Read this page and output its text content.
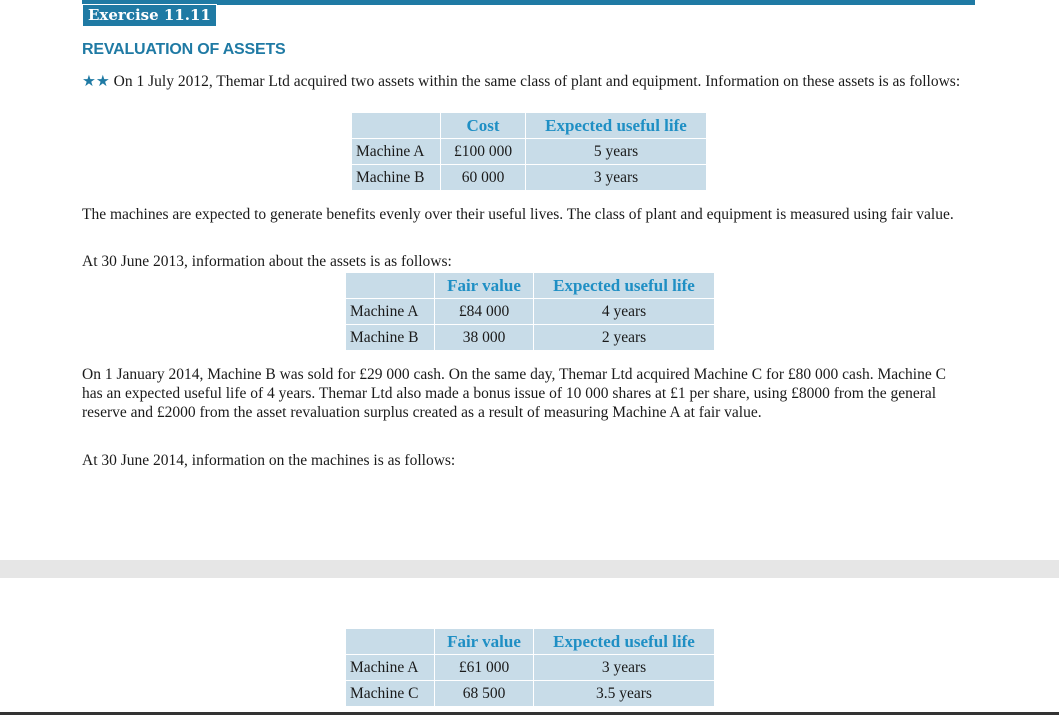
Exercise 11.11
REVALUATION OF ASSETS
★★ On 1 July 2012, Themar Ltd acquired two assets within the same class of plant and equipment. Information on these assets is as follows:
	Cost	Expected useful life
Machine A	£100 000	5 years
Machine B	60 000	3 years
The machines are expected to generate benefits evenly over their useful lives. The class of plant and equipment is measured using fair value.
At 30 June 2013, information about the assets is as follows:
	Fair value	Expected useful life
Machine A	£84 000	4 years
Machine B	38 000	2 years
On 1 January 2014, Machine B was sold for £29 000 cash. On the same day, Themar Ltd acquired Machine C for £80 000 cash. Machine C has an expected useful life of 4 years. Themar Ltd also made a bonus issue of 10 000 shares at £1 per share, using £8000 from the general reserve and £2000 from the asset revaluation surplus created as a result of measuring Machine A at fair value.
At 30 June 2014, information on the machines is as follows:
	Fair value	Expected useful life
Machine A	£61 000	3 years
Machine C	68 500	3.5 years
